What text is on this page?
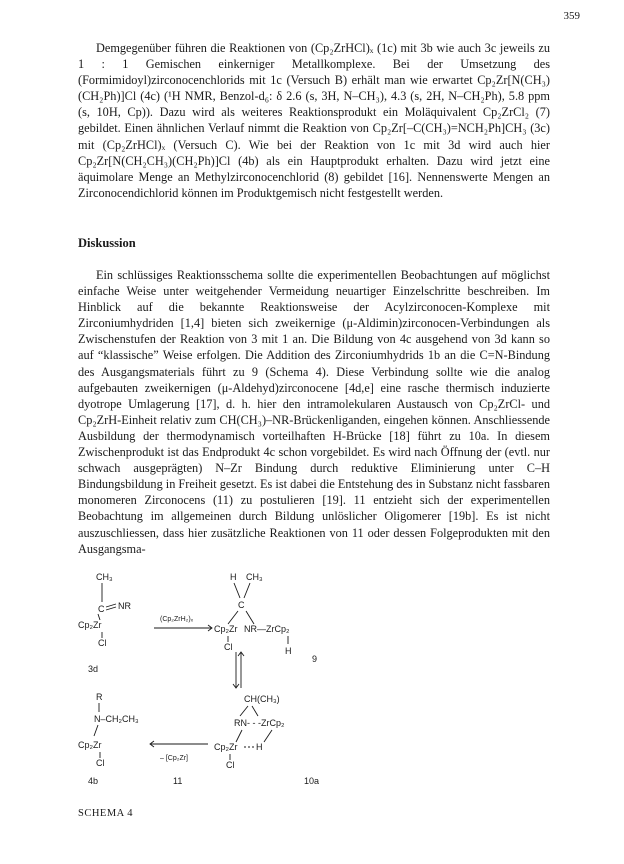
359

Demgegenüber führen die Reaktionen von (Cp₂ZrHCl)ₓ (1c) mit 3b wie auch 3c jeweils zu 1 : 1 Gemischen einkerniger Metallkomplexe. Bei der Umsetzung des (Formimidoyl)zirconocenchlorids mit 1c (Versuch B) erhält man wie erwartet Cp₂Zr[N(CH₃)(CH₂Ph)]Cl (4c) (¹H NMR, Benzol-d₆: δ 2.6 (s, 3H, N–CH₃), 4.3 (s, 2H, N–CH₂Ph), 5.8 ppm (s, 10H, Cp)). Dazu wird als weiteres Reaktionsprodukt ein Moläquivalent Cp₂ZrCl₂ (7) gebildet. Einen ähnlichen Verlauf nimmt die Reaktion von Cp₂Zr[–C(CH₃)=NCH₂Ph]CH₃ (3c) mit (Cp₂ZrHCl)ₓ (Versuch C). Wie bei der Reaktion von 1c mit 3d wird auch hier Cp₂Zr[N(CH₂CH₃)(CH₂Ph)]Cl (4b) als ein Hauptprodukt erhalten. Dazu wird jetzt eine äquimolare Menge an Methylzirconocenchlorid (8) gebildet [16]. Nennenswerte Mengen an Zirconocendichlorid können im Produktgemisch nicht festgestellt werden.

Diskussion

Ein schlüssiges Reaktionsschema sollte die experimentellen Beobachtungen auf möglichst einfache Weise unter weitgehender Vermeidung neuartiger Einzelschritte beschreiben. Im Hinblick auf die bekannte Reaktionsweise der Acylzirconocen-Komplexe mit Zirconiumhydriden [1,4] bieten sich zweikernige (μ-Aldimin)zirconocen-Verbindungen als Zwischenstufen der Reaktion von 3 mit 1 an. Die Bildung von 4c ausgehend von 3d kann so auf “klassische” Weise erfolgen. Die Addition des Zirconiumhydrids 1b an die C=N-Bindung des Ausgangsmaterials führt zu 9 (Schema 4). Diese Verbindung sollte wie die analog aufgebauten zweikernigen (μ-Aldehyd)zirconocene [4d,e] eine rasche thermisch induzierte dyotrope Umlagerung [17], d. h. hier den intramolekularen Austausch von Cp₂ZrCl- und Cp₂ZrH-Einheit relativ zum CH(CH₃)–NR-Brückenliganden, eingehen können. Anschliessende Ausbildung der thermodynamisch vorteilhaften H-Brücke [18] führt zu 10a. In diesem Zwischenprodukt ist das Endprodukt 4c schon vorgebildet. Es wird nach Öffnung der (evtl. nur schwach ausgeprägten) N–Zr Bindung durch reduktive Eliminierung unter C–H Bindungsbildung in Freiheit gesetzt. Es ist dabei die Entstehung des in Substanz nicht fassbaren monomeren Zirconocens (11) zu postulieren [19]. 11 entzieht sich der experimentellen Beobachtung im allgemeinen durch Bildung unlöslicher Oligomerer [19b]. Es ist nicht auszuschliessen, dass hier zusätzliche Reaktionen von 11 oder dessen Folgeprodukten mit den Ausgangsma-

CH₃
C NR
Cp₂Zr
Cl
3d
(Cp₂ZrH₂)ₓ
H CH₃
C
Cp₂Zr NR—ZrCp₂
Cl	H
9
CH(CH₃)
RN- - -ZrCp₂
Cp₂Zr H
Cl
10a
– [Cp₂Zr]
11
R
N–CH₂CH₃
Cp₂Zr
Cl
4b
SCHEMA 4
